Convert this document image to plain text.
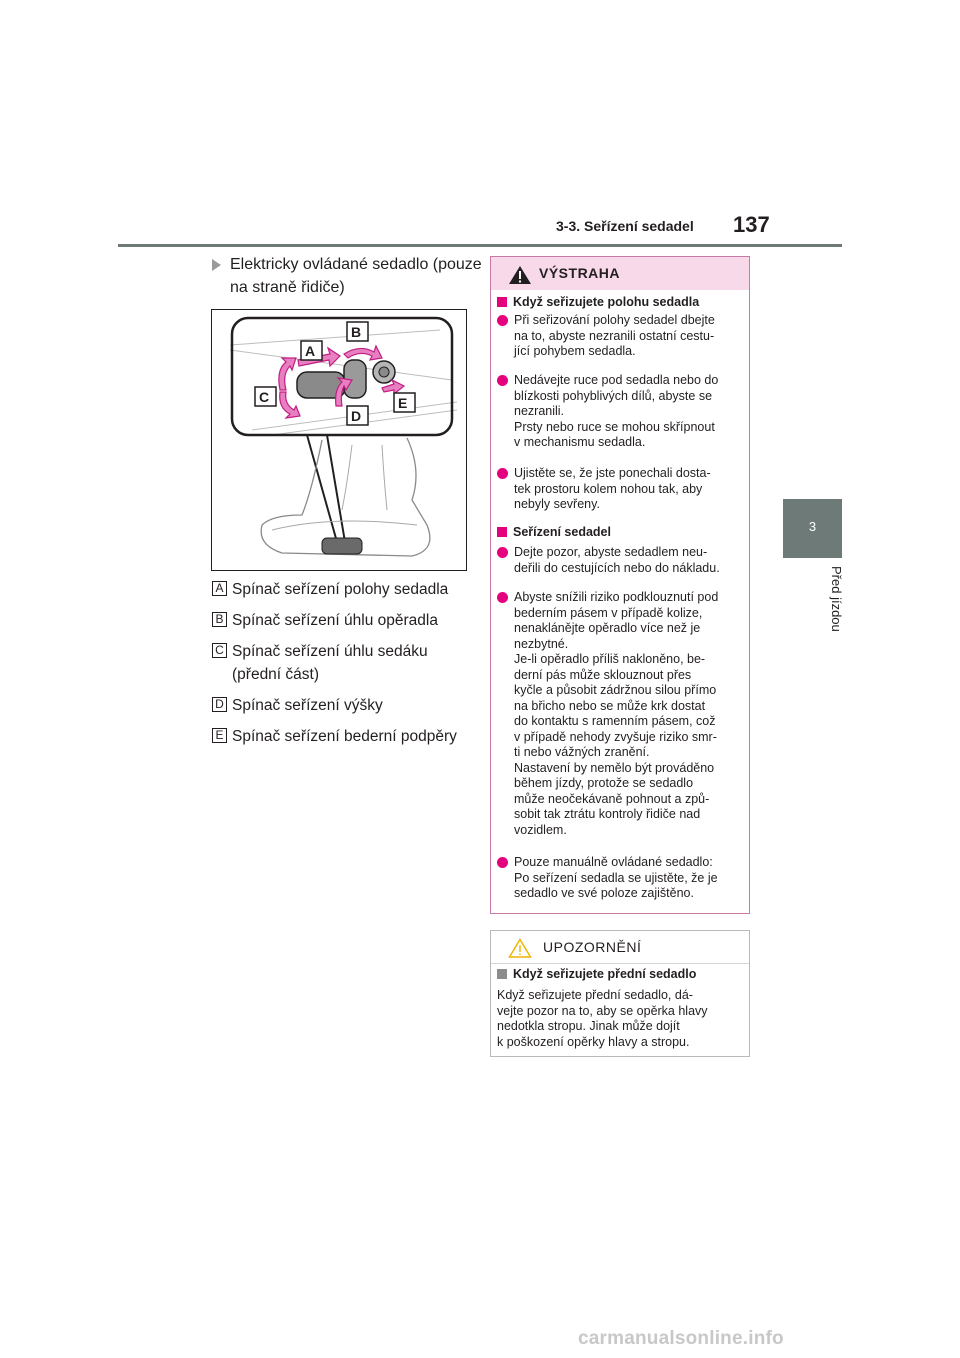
3-3. Seřízení sedadel 137
3
Před jízdou
Elektricky ovládané sedadlo (pouze na straně řidiče)
A
B
C
D
E
A Spínač seřízení polohy sedadla
B Spínač seřízení úhlu opěradla
C Spínač seřízení úhlu sedáku (přední část)
D Spínač seřízení výšky
E Spínač seřízení bederní podpěry
VÝSTRAHA
Když seřizujete polohu sedadla
Při seřizování polohy sedadel dbejte
na to, abyste nezranili ostatní cestu-
jící pohybem sedadla.
Nedávejte ruce pod sedadla nebo do
blízkosti pohyblivých dílů, abyste se
nezranili.
Prsty nebo ruce se mohou skřípnout
v mechanismu sedadla.
Ujistěte se, že jste ponechali dosta-
tek prostoru kolem nohou tak, aby
nebyly sevřeny.
Seřízení sedadel
Dejte pozor, abyste sedadlem neu-
deřili do cestujících nebo do nákladu.
Abyste snížili riziko podklouznutí pod
bederním pásem v případě kolize,
nenaklánějte opěradlo více než je
nezbytné.
Je-li opěradlo příliš nakloněno, be-
derní pás může sklouznout přes
kyčle a působit zádržnou silou přímo
na břicho nebo se může krk dostat
do kontaktu s ramenním pásem, což
v případě nehody zvyšuje riziko smr-
ti nebo vážných zranění.
Nastavení by nemělo být prováděno
během jízdy, protože se sedadlo
může neočekávaně pohnout a způ-
sobit tak ztrátu kontroly řidiče nad
vozidlem.
Pouze manuálně ovládané sedadlo:
Po seřízení sedadla se ujistěte, že je
sedadlo ve své poloze zajištěno.
UPOZORNĚNÍ
Když seřizujete přední sedadlo
Když seřizujete přední sedadlo, dá-
vejte pozor na to, aby se opěrka hlavy
nedotkla stropu. Jinak může dojít
k poškození opěrky hlavy a stropu.
carmanualsonline.info
